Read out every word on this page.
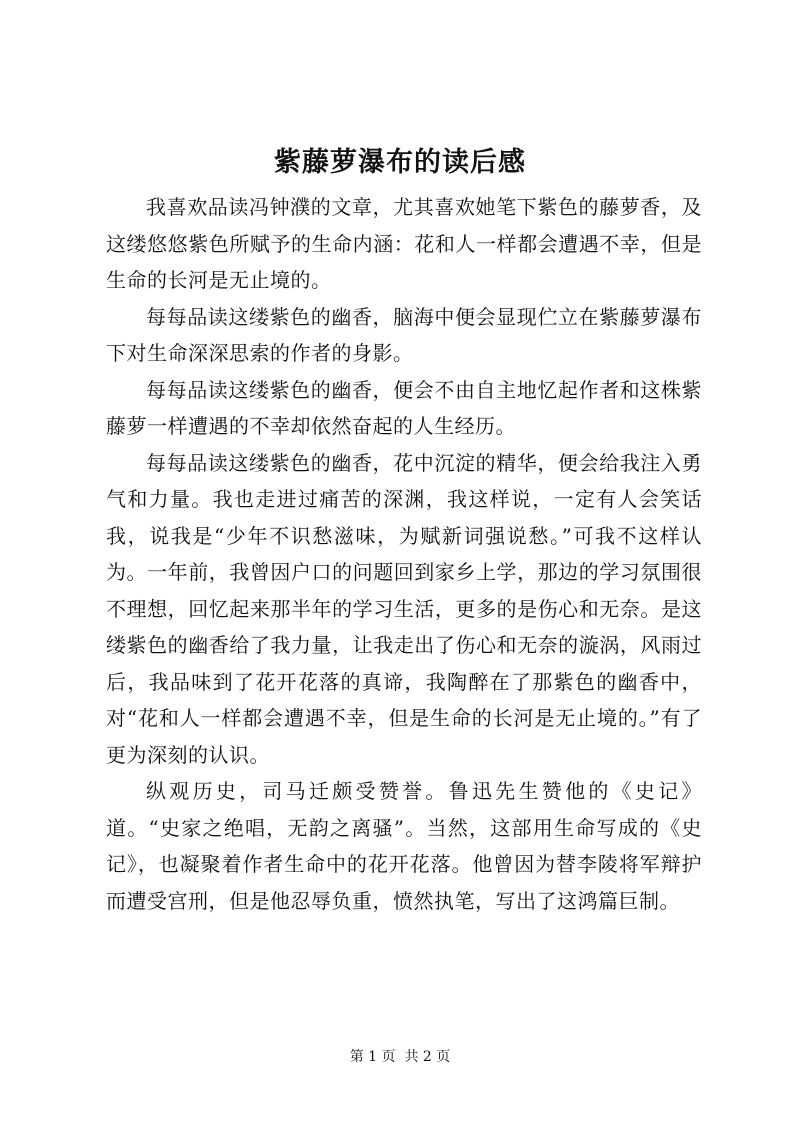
紫藤萝瀑布的读后感

我喜欢品读冯钟濮的文章，尤其喜欢她笔下紫色的藤萝香，及这缕悠悠紫色所赋予的生命内涵：花和人一样都会遭遇不幸，但是生命的长河是无止境的。

每每品读这缕紫色的幽香，脑海中便会显现伫立在紫藤萝瀑布下对生命深深思索的作者的身影。

每每品读这缕紫色的幽香，便会不由自主地忆起作者和这株紫藤萝一样遭遇的不幸却依然奋起的人生经历。

每每品读这缕紫色的幽香，花中沉淀的精华，便会给我注入勇气和力量。我也走进过痛苦的深渊，我这样说，一定有人会笑话我，说我是“少年不识愁滋味，为赋新词强说愁。”可我不这样认为。一年前，我曾因户口的问题回到家乡上学，那边的学习氛围很不理想，回忆起来那半年的学习生活，更多的是伤心和无奈。是这缕紫色的幽香给了我力量，让我走出了伤心和无奈的漩涡，风雨过后，我品味到了花开花落的真谛，我陶醉在了那紫色的幽香中，对“花和人一样都会遭遇不幸，但是生命的长河是无止境的。”有了更为深刻的认识。

纵观历史，司马迁颇受赞誉。鲁迅先生赞他的《史记》道。“史家之绝唱，无韵之离骚”。当然，这部用生命写成的《史记》，也凝聚着作者生命中的花开花落。他曾因为替李陵将军辩护而遭受宫刑，但是他忍辱负重，愤然执笔，写出了这鸿篇巨制。

第 1 页  共 2 页
